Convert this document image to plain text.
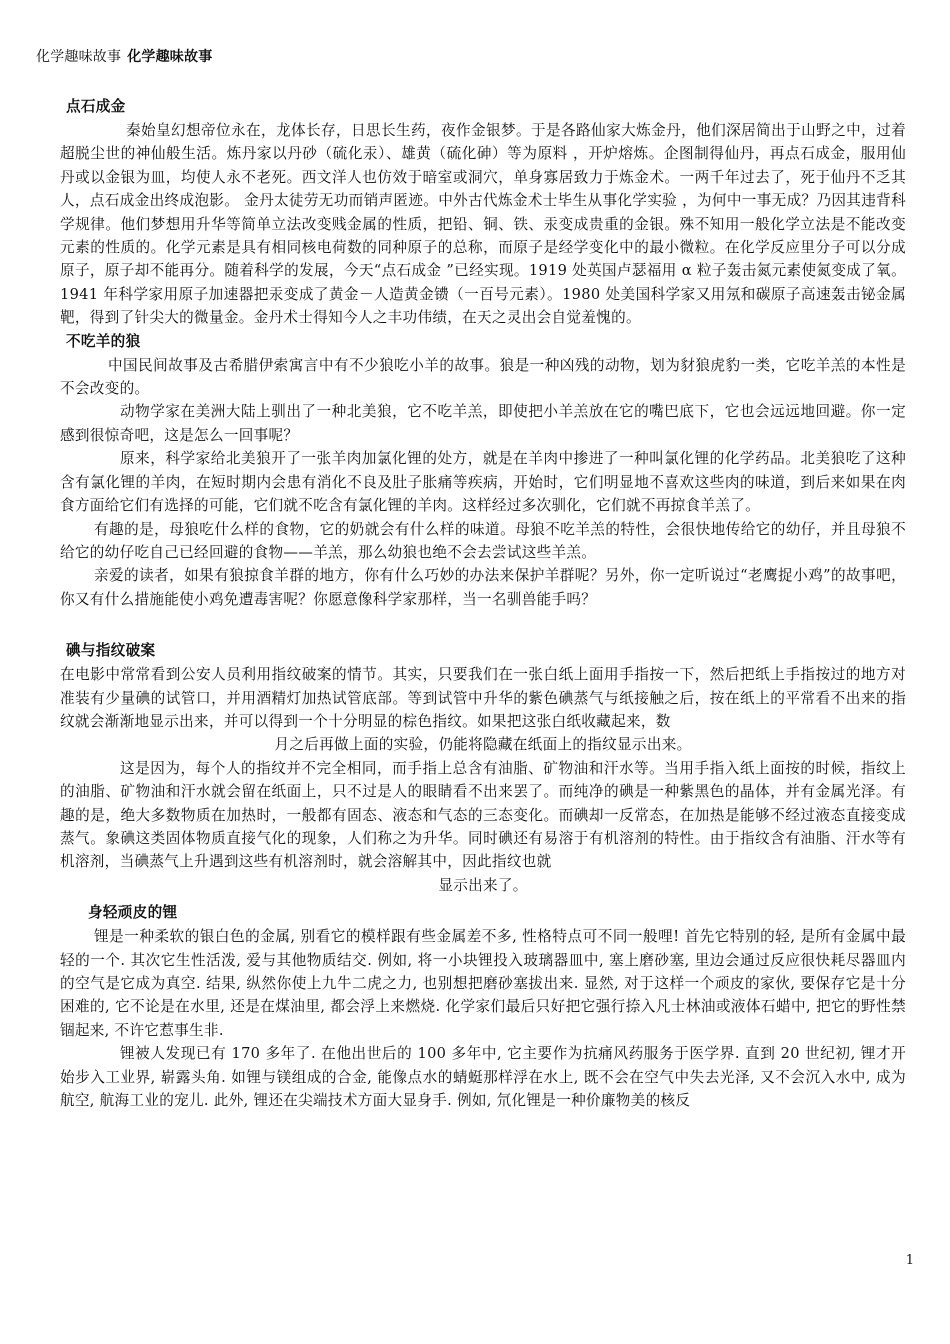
化学趣味故事 化学趣味故事
点石成金

秦始皇幻想帝位永在，龙体长存，日思长生药，夜作金银梦。于是各路仙家大炼金丹，他们深居简出于山野之中，过着超脱尘世的神仙般生活。炼丹家以丹砂（硫化汞）、雄黄（硫化砷）等为原料 ，开炉熔炼。企图制得仙丹，再点石成金，服用仙丹或以金银为皿，均使人永不老死。西文洋人也仿效于暗室或洞穴，单身寡居致力于炼金术。一两千年过去了，死于仙丹不乏其人，点石成金出终成泡影。 金丹太徒劳无功而销声匿迹。中外古代炼金术士毕生从事化学实验 ，为何中一事无成？乃因其违背科学规律。他们梦想用升华等简单立法改变贱金属的性质，把铅、铜、铁、汞变成贵重的金银。殊不知用一般化学立法是不能改变元素的性质的。化学元素是具有相同核电荷数的同种原子的总称，而原子是经学变化中的最小微粒。在化学反应里分子可以分成原子，原子却不能再分。随着科学的发展，今天“点石成金 ”已经实现。1919 处英国卢瑟福用 α 粒子轰击氮元素使氮变成了氧。1941 年科学家用原子加速器把汞变成了黄金－人造黄金镄（一百号元素）。1980 处美国科学家又用氖和碳原子高速轰击铋金属靶，得到了针尖大的微量金。金丹术士得知今人之丰功伟绩，在天之灵出会自觉羞愧的。

不吃羊的狼

中国民间故事及古希腊伊索寓言中有不少狼吃小羊的故事。狼是一种凶残的动物，划为豺狼虎豹一类，它吃羊羔的本性是不会改变的。

动物学家在美洲大陆上驯出了一种北美狼，它不吃羊羔，即使把小羊羔放在它的嘴巴底下，它也会远远地回避。你一定感到很惊奇吧，这是怎么一回事呢？

原来，科学家给北美狼开了一张羊肉加氯化锂的处方，就是在羊肉中掺进了一种叫氯化锂的化学药品。北美狼吃了这种含有氯化锂的羊肉，在短时期内会患有消化不良及肚子胀痛等疾病，开始时，它们明显地不喜欢这些肉的味道，到后来如果在肉食方面给它们有选择的可能，它们就不吃含有氯化锂的羊肉。这样经过多次驯化，它们就不再掠食羊羔了。

有趣的是，母狼吃什么样的食物，它的奶就会有什么样的味道。母狼不吃羊羔的特性，会很快地传给它的幼仔，并且母狼不给它的幼仔吃自己已经回避的食物——羊羔，那么幼狼也绝不会去尝试这些羊羔。

亲爱的读者，如果有狼掠食羊群的地方，你有什么巧妙的办法来保护羊群呢？另外，你一定听说过“老鹰捉小鸡”的故事吧，你又有什么措施能使小鸡免遭毒害呢？你愿意像科学家那样，当一名驯兽能手吗？

碘与指纹破案

在电影中常常看到公安人员利用指纹破案的情节。其实，只要我们在一张白纸上面用手指按一下，然后把纸上手指按过的地方对准装有少量碘的试管口，并用酒精灯加热试管底部。等到试管中升华的紫色碘蒸气与纸接触之后，按在纸上的平常看不出来的指纹就会渐渐地显示出来，并可以得到一个十分明显的棕色指纹。如果把这张白纸收藏起来，数

月之后再做上面的实验，仍能将隐藏在纸面上的指纹显示出来。

这是因为，每个人的指纹并不完全相同，而手指上总含有油脂、矿物油和汗水等。当用手指入纸上面按的时候，指纹上的油脂、矿物油和汗水就会留在纸面上，只不过是人的眼睛看不出来罢了。而纯净的碘是一种紫黑色的晶体，并有金属光泽。有趣的是，绝大多数物质在加热时，一般都有固态、液态和气态的三态变化。而碘却一反常态，在加热是能够不经过液态直接变成蒸气。象碘这类固体物质直接气化的现象，人们称之为升华。同时碘还有易溶于有机溶剂的特性。由于指纹含有油脂、汗水等有机溶剂，当碘蒸气上升遇到这些有机溶剂时，就会溶解其中，因此指纹也就

显示出来了。

身轻顽皮的锂

锂是一种柔软的银白色的金属, 别看它的模样跟有些金属差不多, 性格特点可不同一般哩! 首先它特别的轻, 是所有金属中最轻的一个. 其次它生性活泼, 爱与其他物质结交. 例如, 将一小块锂投入玻璃器皿中, 塞上磨砂塞, 里边会通过反应很快耗尽器皿内的空气是它成为真空. 结果, 纵然你使上九牛二虎之力, 也别想把磨砂塞拔出来. 显然, 对于这样一个顽皮的家伙, 要保存它是十分困难的, 它不论是在水里, 还是在煤油里, 都会浮上来燃烧. 化学家们最后只好把它强行捺入凡士林油或液体石蜡中, 把它的野性禁锢起来, 不许它惹事生非.

锂被人发现已有 170 多年了. 在他出世后的 100 多年中, 它主要作为抗痛风药服务于医学界. 直到 20 世纪初, 锂才开始步入工业界, 崭露头角. 如锂与镁组成的合金, 能像点水的蜻蜓那样浮在水上, 既不会在空气中失去光泽, 又不会沉入水中, 成为航空, 航海工业的宠儿. 此外, 锂还在尖端技术方面大显身手. 例如, 氘化锂是一种价廉物美的核反

1
